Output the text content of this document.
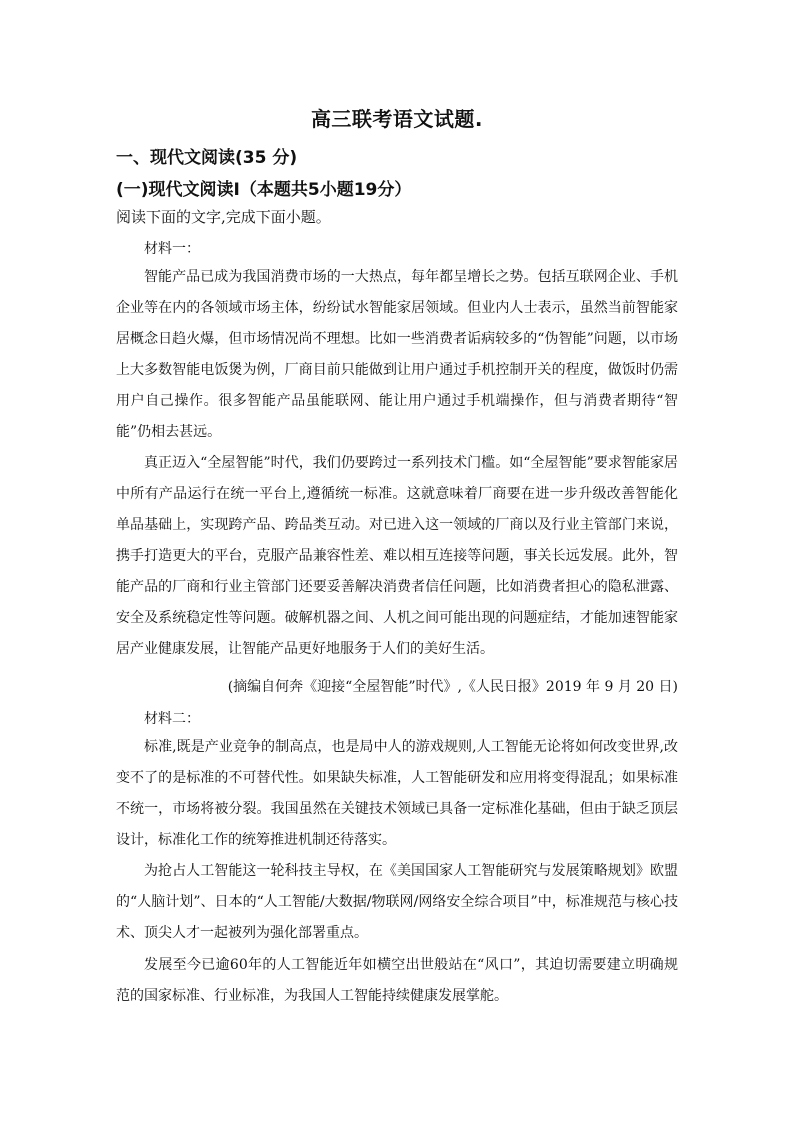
高三联考语文试题.
一、现代文阅读(35 分)
(一)现代文阅读Ⅰ（本题共5小题19分）
阅读下面的文字,完成下面小题。
材料一：

智能产品已成为我国消费市场的一大热点，每年都呈增长之势。包括互联网企业、手机企业等在内的各领域市场主体，纷纷试水智能家居领域。但业内人士表示，虽然当前智能家居概念日趋火爆，但市场情况尚不理想。比如一些消费者诟病较多的“伪智能”问题，以市场上大多数智能电饭煲为例，厂商目前只能做到让用户通过手机控制开关的程度，做饭时仍需用户自己操作。很多智能产品虽能联网、能让用户通过手机端操作，但与消费者期待“智能”仍相去甚远。

真正迈入“全屋智能”时代，我们仍要跨过一系列技术门槛。如“全屋智能”要求智能家居中所有产品运行在统一平台上,遵循统一标准。这就意味着厂商要在进一步升级改善智能化单品基础上，实现跨产品、跨品类互动。对已进入这一领域的厂商以及行业主管部门来说，携手打造更大的平台，克服产品兼容性差、难以相互连接等问题，事关长远发展。此外，智能产品的厂商和行业主管部门还要妥善解决消费者信任问题，比如消费者担心的隐私泄露、安全及系统稳定性等问题。破解机器之间、人机之间可能出现的问题症结，才能加速智能家居产业健康发展，让智能产品更好地服务于人们的美好生活。

(摘编自何奔《迎接“全屋智能”时代》,《人民日报》2019 年 9 月 20 日)
材料二：

标准,既是产业竞争的制高点，也是局中人的游戏规则,人工智能无论将如何改变世界,改变不了的是标准的不可替代性。如果缺失标准，人工智能研发和应用将变得混乱；如果标准不统一，市场将被分裂。我国虽然在关键技术领域已具备一定标准化基础，但由于缺乏顶层设计，标准化工作的统筹推进机制还待落实。

为抢占人工智能这一轮科技主导权，在《美国国家人工智能研究与发展策略规划》欧盟的“人脑计划”、日本的“人工智能/大数据/物联网/网络安全综合项目”中，标准规范与核心技术、顶尖人才一起被列为强化部署重点。

发展至今已逾60年的人工智能近年如横空出世般站在“风口”，其迫切需要建立明确规范的国家标准、行业标准，为我国人工智能持续健康发展掌舵。
